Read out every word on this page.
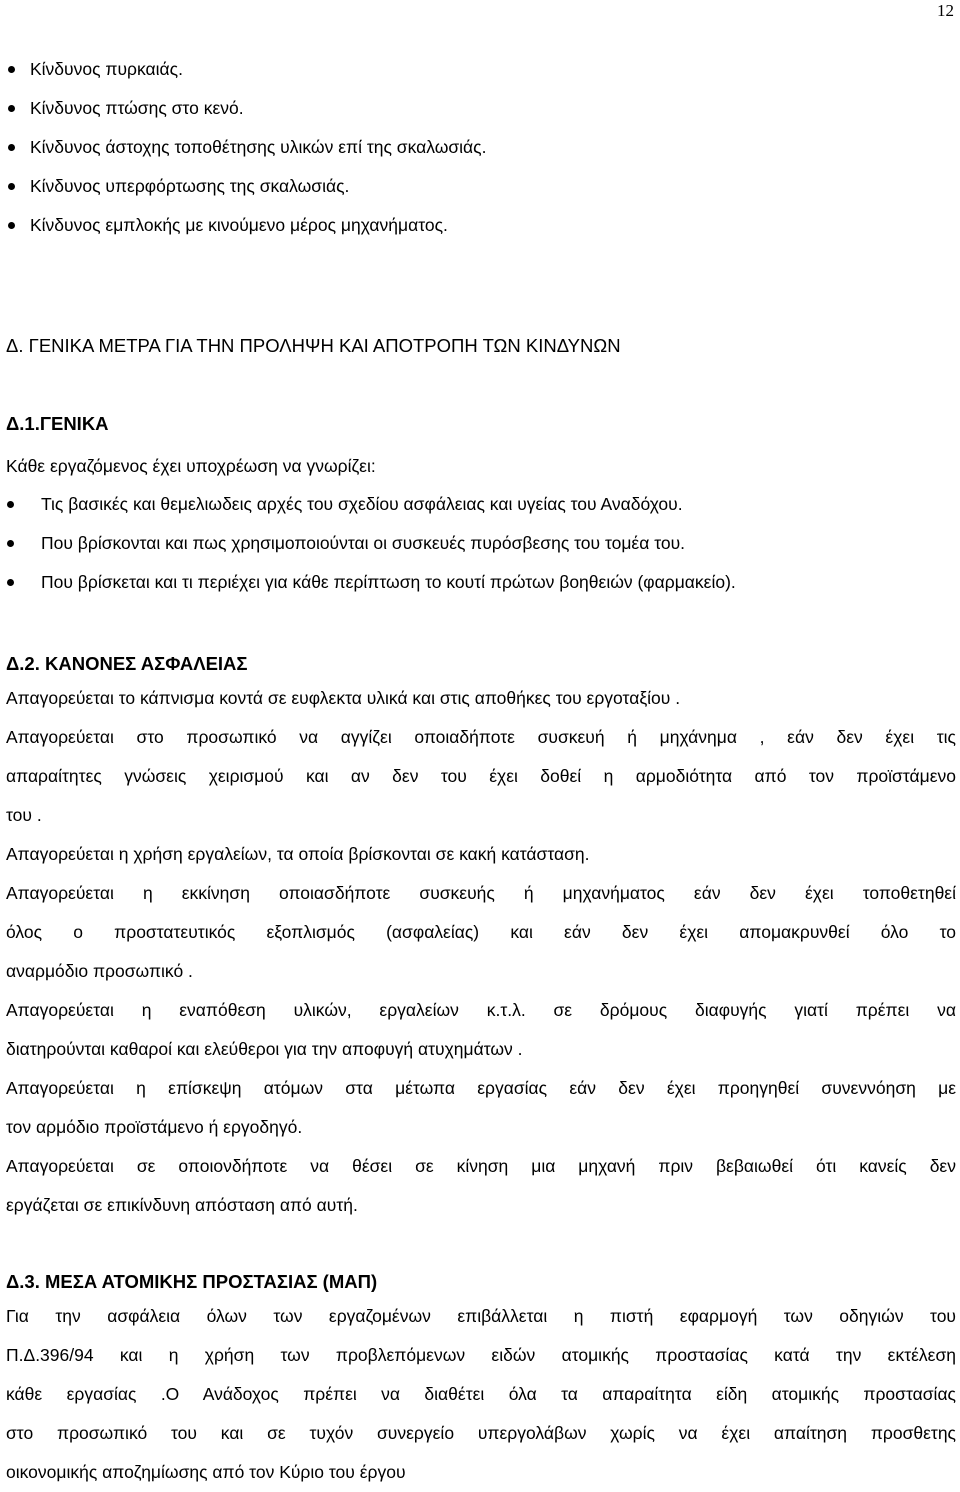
12
Κίνδυνος πυρκαιάς.
Κίνδυνος πτώσης στο κενό.
Κίνδυνος άστοχης τοποθέτησης υλικών επί της σκαλωσιάς.
Κίνδυνος υπερφόρτωσης της σκαλωσιάς.
Κίνδυνος εμπλοκής με κινούμενο μέρος μηχανήματος.
Δ. ΓΕΝΙΚΑ ΜΕΤΡΑ ΓΙΑ ΤΗΝ ΠΡΟΛΗΨΗ ΚΑΙ ΑΠΟΤΡΟΠΗ ΤΩΝ ΚΙΝΔΥΝΩΝ
Δ.1.ΓΕΝΙΚΑ

Κάθε εργαζόμενος έχει υποχρέωση να γνωρίζει:

Τις βασικές και θεμελιωδεις αρχές του σχεδίου ασφάλειας και υγείας του Αναδόχου.
Που βρίσκονται και πως χρησιμοποιούνται οι συσκευές πυρόσβεσης του τομέα του.
Που βρίσκεται και τι περιέχει για κάθε περίπτωση το κουτί πρώτων βοηθειών (φαρμακείο).
Δ.2. ΚΑΝΟΝΕΣ ΑΣΦΑΛΕΙΑΣ
Απαγορεύεται το κάπνισμα κοντά σε ευφλεκτα υλικά και στις αποθήκες του εργοταξίου .
Απαγορεύεται στο προσωπικό να αγγίζει οποιαδήποτε συσκευή ή μηχάνημα , εάν δεν έχει τις
απαραίτητες γνώσεις χειρισμού και αν δεν του έχει δοθεί η αρμοδιότητα από τον προϊστάμενο
του .
Απαγορεύεται η χρήση εργαλείων, τα οποία βρίσκονται σε κακή κατάσταση.
Απαγορεύεται η εκκίνηση οποιασδήποτε συσκευής ή μηχανήματος εάν δεν έχει τοποθετηθεί
όλος ο προστατευτικός εξοπλισμός (ασφαλείας) και εάν δεν έχει απομακρυνθεί όλο το
αναρμόδιο προσωπικό .
Απαγορεύεται η εναπόθεση υλικών, εργαλείων κ.τ.λ. σε δρόμους διαφυγής γιατί πρέπει να
διατηρούνται καθαροί και ελεύθεροι για την αποφυγή ατυχημάτων .
Απαγορεύεται η επίσκεψη ατόμων στα μέτωπα εργασίας εάν δεν έχει προηγηθεί συνεννόηση με
τον αρμόδιο προϊστάμενο ή εργοδηγό.
Απαγορεύεται σε οποιονδήποτε να θέσει σε κίνηση μια μηχανή πριν βεβαιωθεί ότι κανείς δεν
εργάζεται σε επικίνδυνη απόσταση από αυτή.
Δ.3. ΜΕΣΑ ΑΤΟΜΙΚΗΣ ΠΡΟΣΤΑΣΙΑΣ (ΜΑΠ)
Για την ασφάλεια όλων των εργαζομένων επιβάλλεται η πιστή εφαρμογή των οδηγιών του
Π.Δ.396/94 και η χρήση των προβλεπόμενων ειδών ατομικής προστασίας κατά την εκτέλεση
κάθε εργασίας .Ο Ανάδοχος πρέπει να διαθέτει όλα τα απαραίτητα είδη ατομικής προστασίας
στο προσωπικό του και σε τυχόν συνεργείο υπεργολάβων χωρίς να έχει απαίτηση προσθετης
οικονομικής αποζημίωσης από τον Κύριο του έργου
